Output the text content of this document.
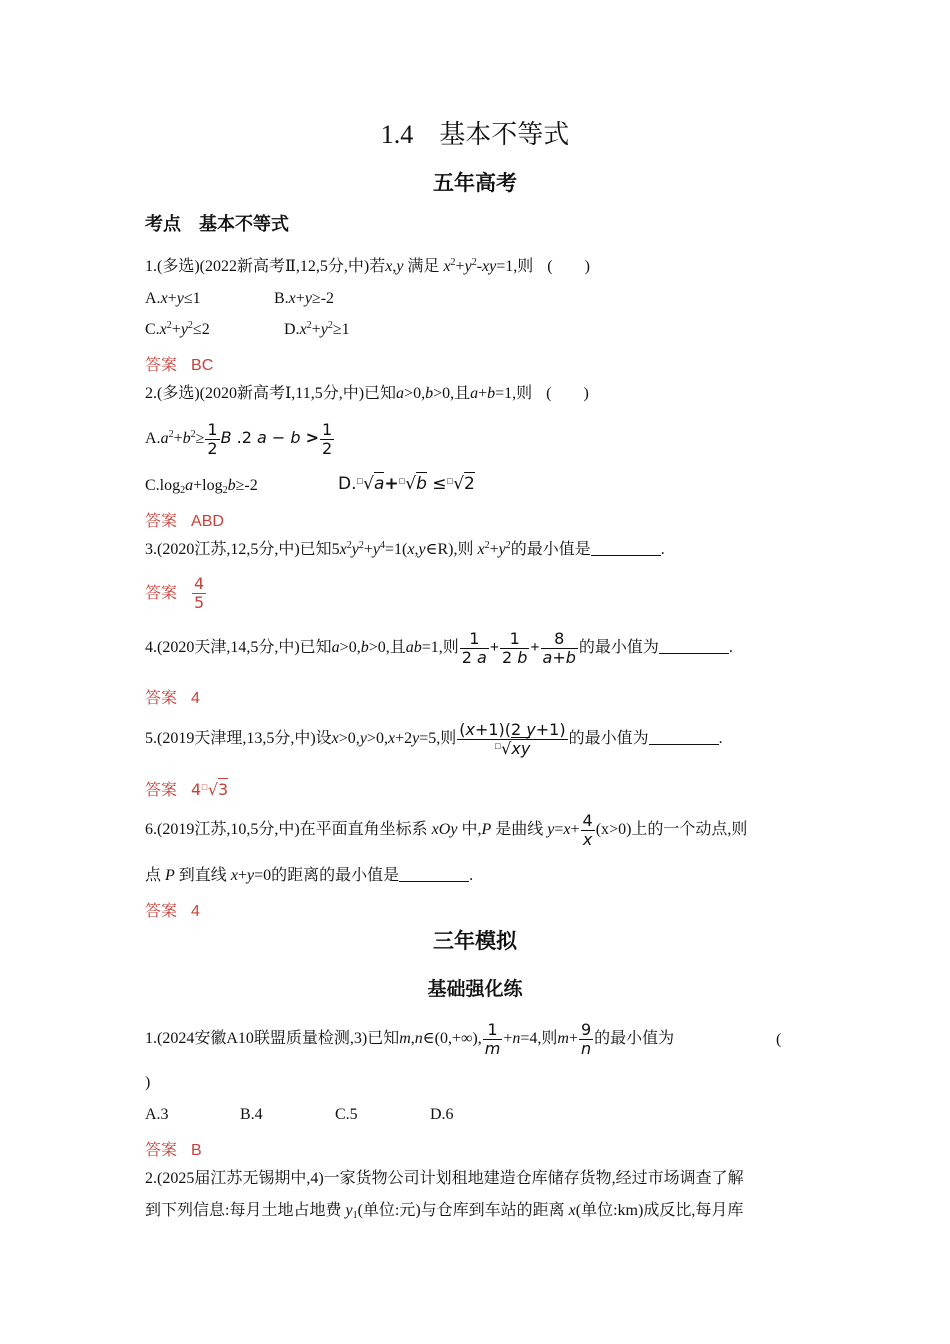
1.4　基本不等式
五年高考
考点　基本不等式
1.(多选)(2022新高考Ⅱ,12,5分,中)若x,y 满足 $x^2+y^2-xy=1$,则 (　　)
A.x+y≤1	B.x+y≥-2
$C.x^2+y^2\le 2$	$D.x^2+y^2\ge 1$
答案 BC
2.(多选)(2020新高考Ⅰ,11,5分,中)已知a>0,b>0,且a+b=1,则 (　　)
$A.a^2+b^2\ge \frac{1}{2}$ B .2 $a - b > \frac{1}{2}$
$C.\log_2a+\log_2b\ge-2$	D.□√a+□√b ≤□√2
答案 ABD
3.(2020江苏,12,5分,中)已知$5x^2y^2+y^4=1(x,y\in R)$,则 $x^2+y^2$的最小值是	.
答案 $\frac{4}{5}$
4.(2020天津,14,5分,中)已知a>0,b>0,且ab=1,则 $\frac{1}{2 a} + \frac{1}{2 b} + \frac{8}{a+b}$ 的最小值为	.
答案 4
5.(2019天津理,13,5分,中)设x>0,y>0,x+2y=5,则 $\frac{(x+1)(2 y+1)}{^□√xy}$ 的最小值为	.
答案 4□√3
6.(2019江苏,10,5分,中)在平面直角坐标系 xOy 中,P 是曲线 $y=x+ \frac{4}{x} (x>0)$上的一个动点,则
点 P 到直线 x+y=0的距离的最小值是	.
答案 4
三年模拟
基础强化练
1.(2024安徽A10联盟质量检测,3)已知m,n∈(0,+∞), $\frac{1}{m} +n=4$,则$m+ \frac{9}{n}$ 的最小值为	(
)
A.3	B.4	C.5	D.6
答案 B
2.(2025届江苏无锡期中,4)一家货物公司计划租地建造仓库储存货物,经过市场调查了解
到下列信息:每月土地占地费 $y_1$(单位:元)与仓库到车站的距离 x(单位:km)成反比,每月库
